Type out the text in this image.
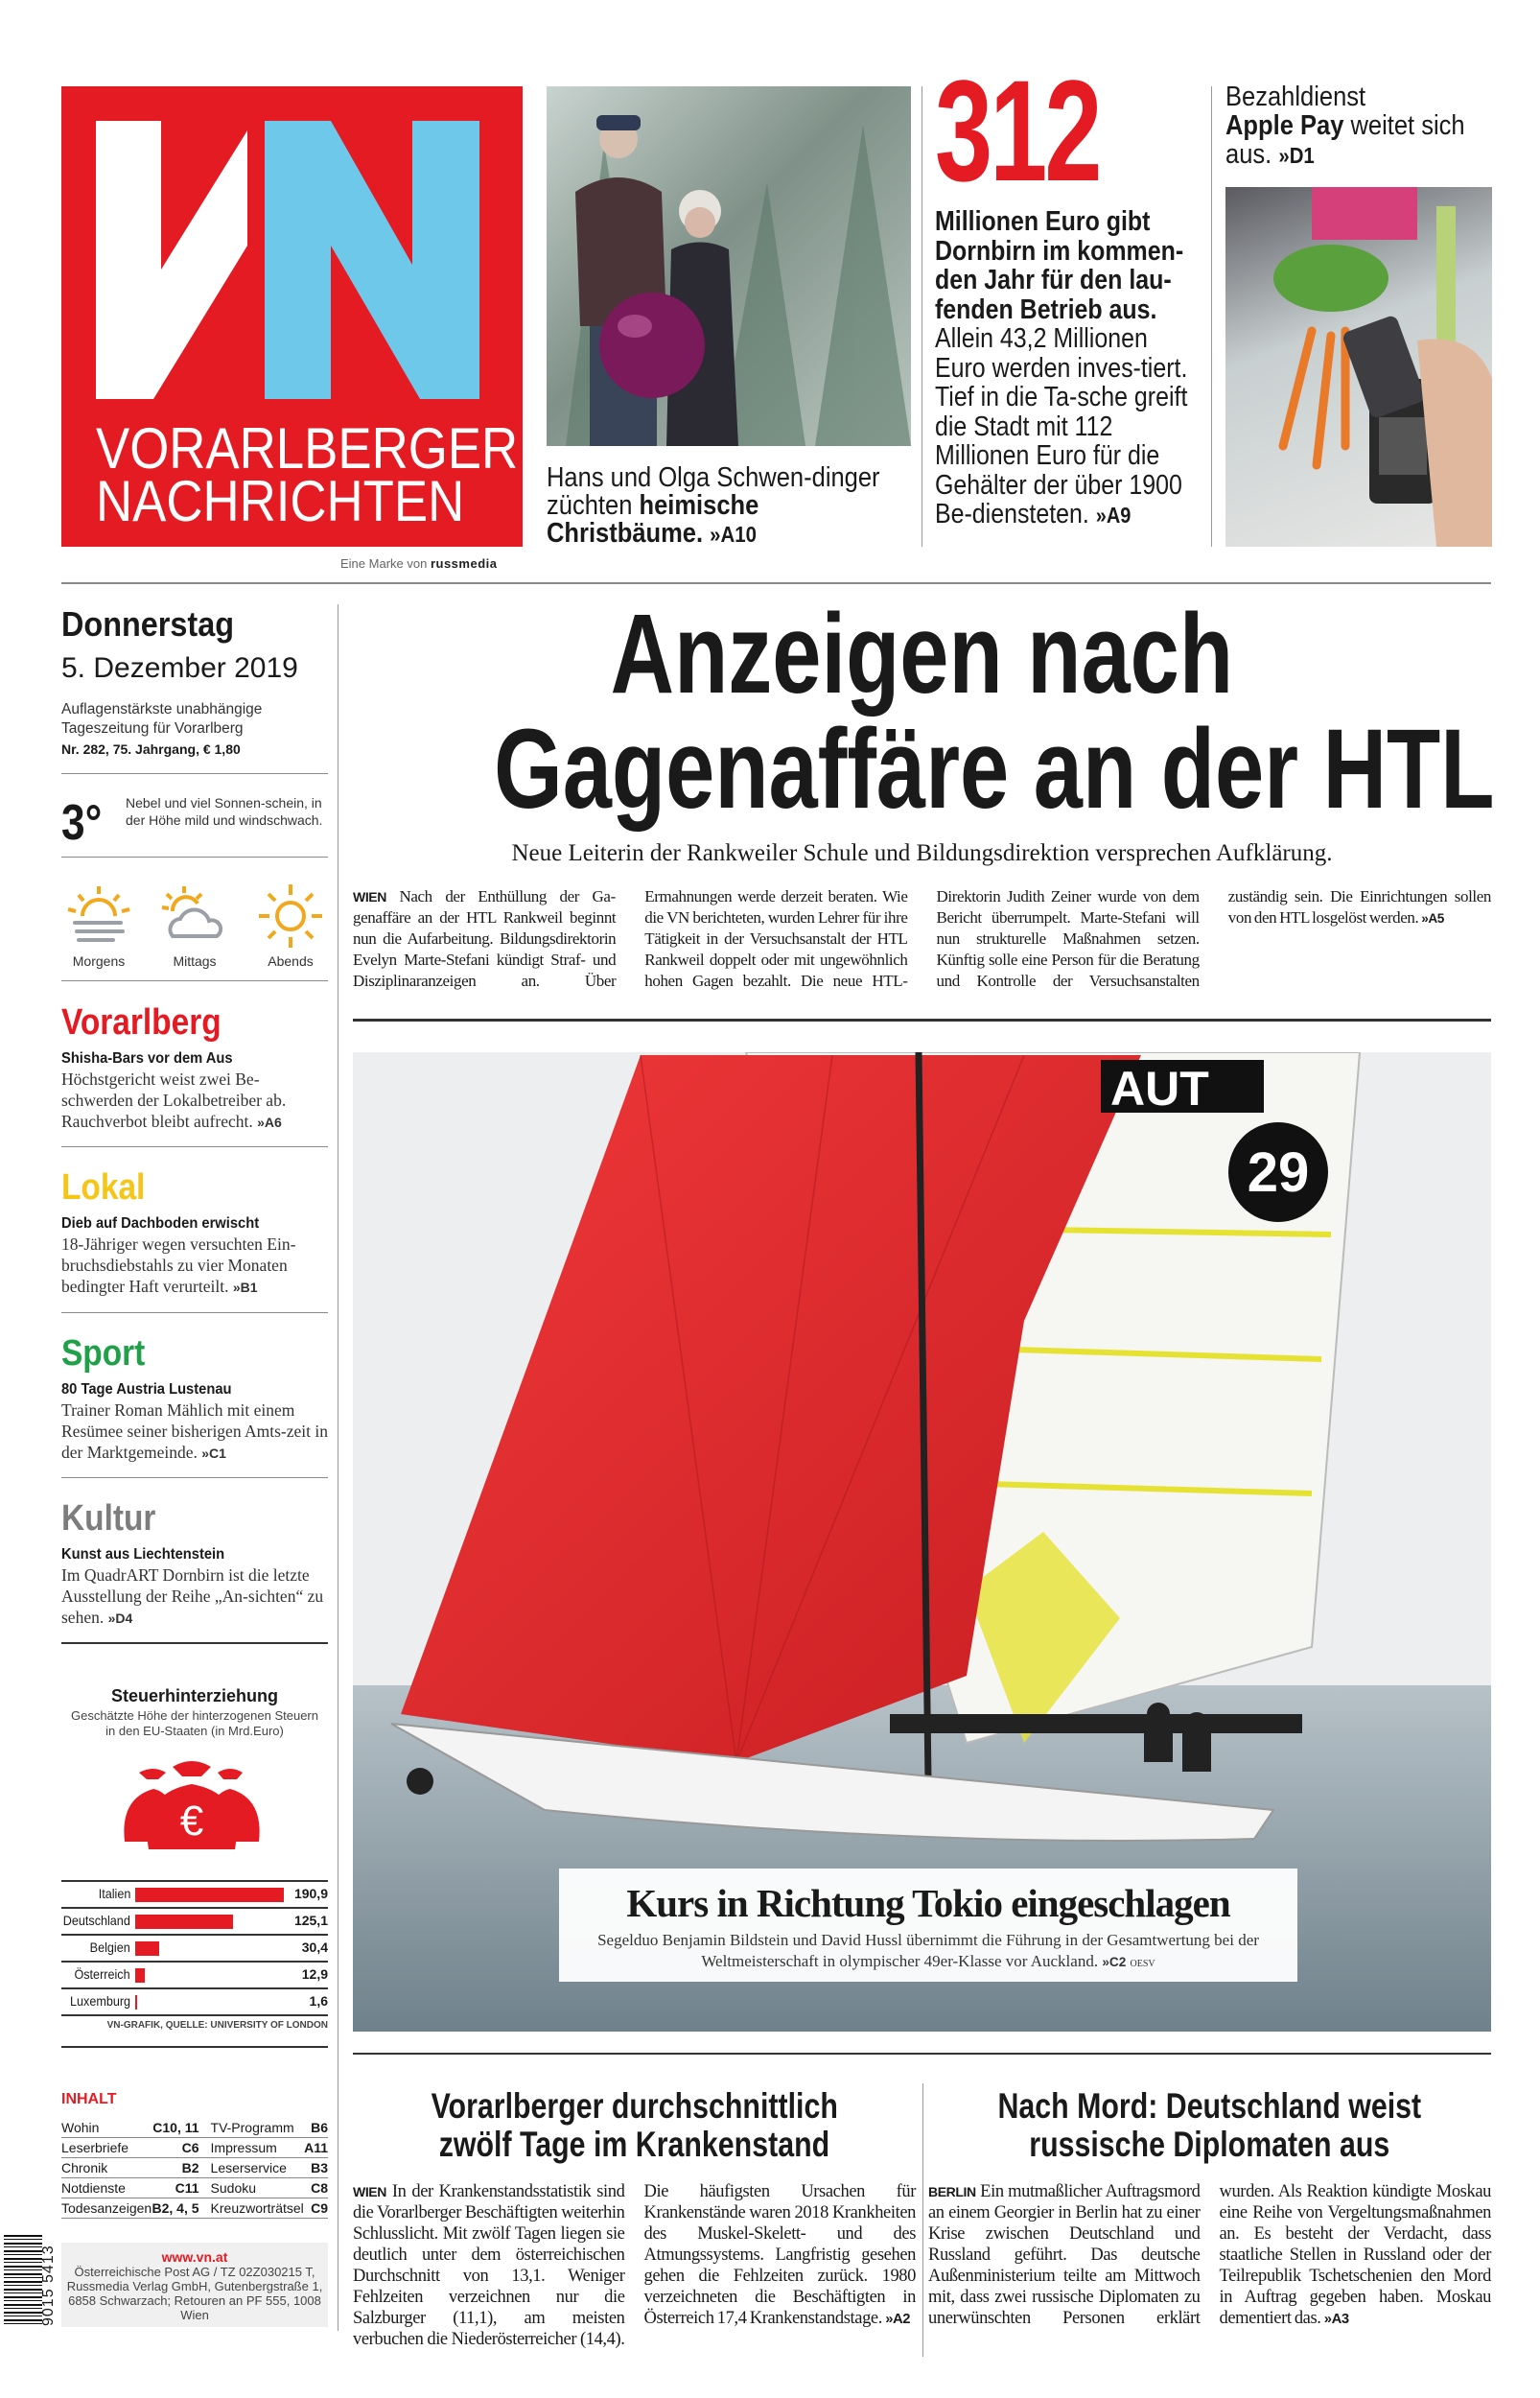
VORARLBERGER
NACHRICHTEN
Eine Marke von russmedia
Hans und Olga Schwen-dinger züchten heimische Christbäume. »A10
312
Millionen Euro gibt Dornbirn im kommen-den Jahr für den lau-fenden Betrieb aus. Allein 43,2 Millionen Euro werden inves-tiert. Tief in die Ta-sche greift die Stadt mit 112 Millionen Euro für die Gehälter der über 1900 Be-diensteten. »A9
Bezahldienst
Apple Pay weitet sich aus. »D1
Donnerstag
5. Dezember 2019
Auflagenstärkste unabhängige
Tageszeitung für Vorarlberg
Nr. 282, 75. Jahrgang, € 1,80
3° Nebel und viel Sonnen-schein, in der Höhe mild und windschwach.
Morgens	Mittags	Abends
Vorarlberg
Shisha-Bars vor dem Aus
Höchstgericht weist zwei Be-schwerden der Lokalbetreiber ab. Rauchverbot bleibt aufrecht. »A6
Lokal
Dieb auf Dachboden erwischt
18-Jähriger wegen versuchten Ein-bruchsdiebstahls zu vier Monaten bedingter Haft verurteilt. »B1
Sport
80 Tage Austria Lustenau
Trainer Roman Mählich mit einem Resümee seiner bisherigen Amts-zeit in der Marktgemeinde. »C1
Kultur
Kunst aus Liechtenstein
Im QuadrART Dornbirn ist die letzte Ausstellung der Reihe „An-sichten“ zu sehen. »D4
Steuerhinterziehung
Geschätzte Höhe der hinterzogenen Steuern in den EU-Staaten (in Mrd.Euro)
€
Italien	190,9
Deutschland	125,1
Belgien	30,4
Österreich	12,9
Luxemburg	1,6
VN-GRAFIK, QUELLE: UNIVERSITY OF LONDON
INHALT
Wohin	C10, 11	TV-Programm	B6
Leserbriefe	C6	Impressum	A11
Chronik	B2	Leserservice	B3
Notdienste	C11	Sudoku	C8
Todesanzeigen	B2, 4, 5	Kreuzworträtsel	C9
www.vn.at
Österreichische Post AG / TZ 02Z030215 T,
Russmedia Verlag GmbH, Gutenbergstraße 1,
6858 Schwarzach; Retouren an PF 555, 1008 Wien
9015 5413
Anzeigen nach
Gagenaffäre an der HTL
Neue Leiterin der Rankweiler Schule und Bildungsdirektion versprechen Aufklärung.
WIEN Nach der Enthüllung der Gagenaffäre an der HTL Rankweil beginnt nun die Aufarbeitung. Bildungsdirektorin Evelyn Marte-Stefani kündigt Straf- und Disziplinaranzeigen an. Über Ermahnungen werde derzeit beraten. Wie die VN berichteten, wurden Lehrer für ihre Tätigkeit in der Versuchsanstalt der HTL Rankweil doppelt oder mit ungewöhnlich hohen Gagen bezahlt. Die neue HTL-Direktorin Judith Zeiner wurde von dem Bericht überrumpelt. Marte-Stefani will nun strukturelle Maßnahmen setzen. Künftig solle eine Person für die Beratung und Kontrolle der Versuchsanstalten zuständig sein. Die Einrichtungen sollen von den HTL losgelöst werden. »A5
AUT
29
Kurs in Richtung Tokio eingeschlagen
Segelduo Benjamin Bildstein und David Hussl übernimmt die Führung in der Gesamtwertung bei der Weltmeisterschaft in olympischer 49er-Klasse vor Auckland. »C2 OESV
Vorarlberger durchschnittlich
zwölf Tage im Krankenstand
WIEN In der Krankenstandsstatistik sind die Vorarlberger Beschäftigten weiterhin Schlusslicht. Mit zwölf Tagen liegen sie deutlich unter dem österreichischen Durchschnitt von 13,1. Weniger Fehlzeiten verzeichnen nur die Salzburger (11,1), am meisten verbuchen die Niederösterreicher (14,4). Die häufigsten Ursachen für Krankenstände waren 2018 Krankheiten des Muskel-Skelett- und des Atmungssystems. Langfristig gesehen gehen die Fehlzeiten zurück. 1980 verzeichneten die Beschäftigten in Österreich 17,4 Krankenstandstage. »A2
Nach Mord: Deutschland weist
russische Diplomaten aus
BERLIN Ein mutmaßlicher Auftragsmord an einem Georgier in Berlin hat zu einer Krise zwischen Deutschland und Russland geführt. Das deutsche Außenministerium teilte am Mittwoch mit, dass zwei russische Diplomaten zu unerwünschten Personen erklärt wurden. Als Reaktion kündigte Moskau eine Reihe von Vergeltungsmaßnahmen an. Es besteht der Verdacht, dass staatliche Stellen in Russland oder der Teilrepublik Tschetschenien den Mord in Auftrag gegeben haben. Moskau dementiert das. »A3
